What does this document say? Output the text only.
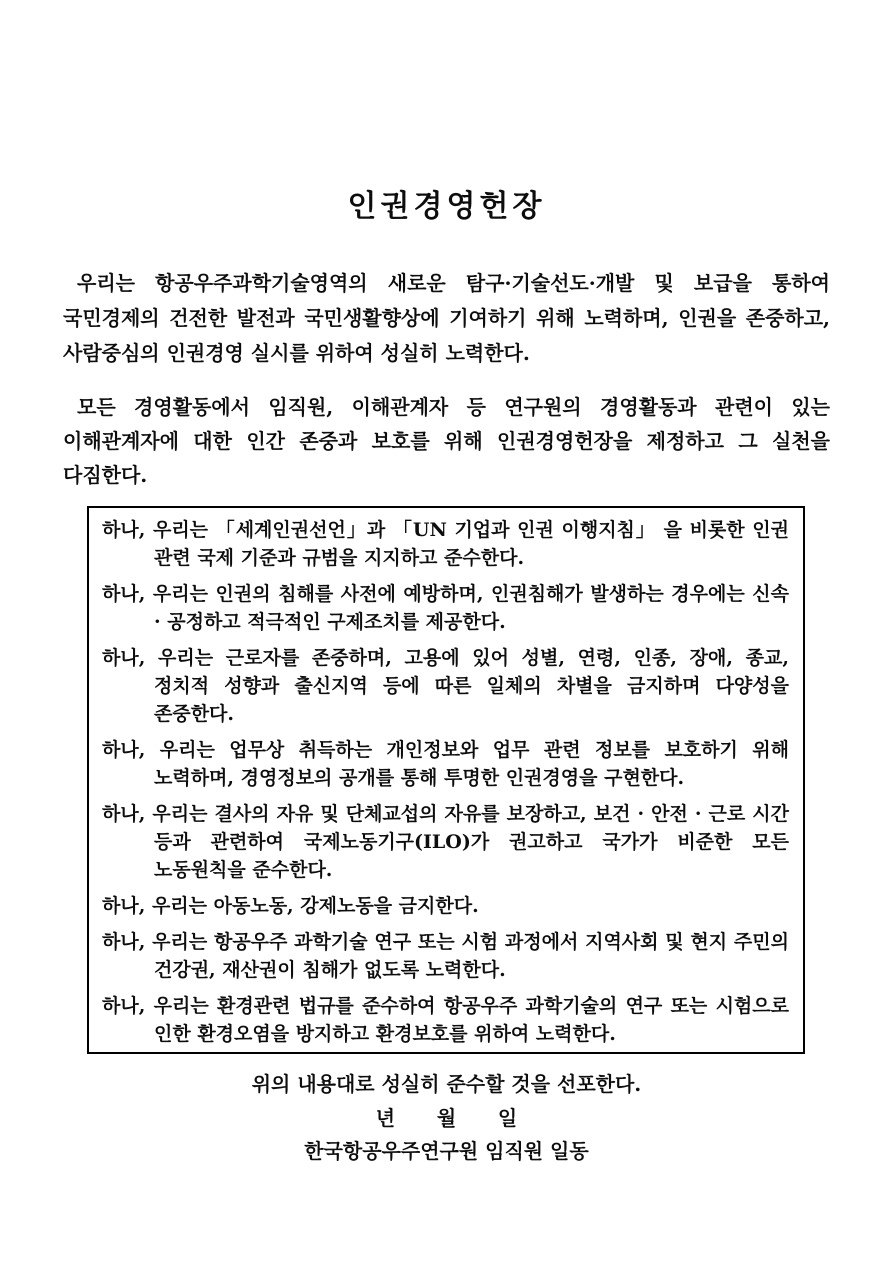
인권경영헌장

우리는 항공우주과학기술영역의 새로운 탐구·기술선도·개발 및 보급을 통하여 국민경제의 건전한 발전과 국민생활향상에 기여하기 위해 노력하며, 인권을 존중하고, 사람중심의 인권경영 실시를 위하여 성실히 노력한다.

모든 경영활동에서 임직원, 이해관계자 등 연구원의 경영활동과 관련이 있는 이해관계자에 대한 인간 존중과 보호를 위해 인권경영헌장을 제정하고 그 실천을 다짐한다.

하나, 우리는 「세계인권선언」과 「UN 기업과 인권 이행지침」 을 비롯한 인권 관련 국제 기준과 규범을 지지하고 준수한다.
하나, 우리는 인권의 침해를 사전에 예방하며, 인권침해가 발생하는 경우에는 신속 · 공정하고 적극적인 구제조치를 제공한다.
하나, 우리는 근로자를 존중하며, 고용에 있어 성별, 연령, 인종, 장애, 종교, 정치적 성향과 출신지역 등에 따른 일체의 차별을 금지하며 다양성을 존중한다.
하나, 우리는 업무상 취득하는 개인정보와 업무 관련 정보를 보호하기 위해 노력하며, 경영정보의 공개를 통해 투명한 인권경영을 구현한다.
하나, 우리는 결사의 자유 및 단체교섭의 자유를 보장하고, 보건 · 안전 · 근로 시간 등과 관련하여 국제노동기구(ILO)가 권고하고 국가가 비준한 모든 노동원칙을 준수한다.
하나, 우리는 아동노동, 강제노동을 금지한다.
하나, 우리는 항공우주 과학기술 연구 또는 시험 과정에서 지역사회 및 현지 주민의 건강권, 재산권이 침해가 없도록 노력한다.
하나, 우리는 환경관련 법규를 준수하여 항공우주 과학기술의 연구 또는 시험으로 인한 환경오염을 방지하고 환경보호를 위하여 노력한다.
위의 내용대로 성실히 준수할 것을 선포한다.
년      월      일
한국항공우주연구원 임직원 일동
